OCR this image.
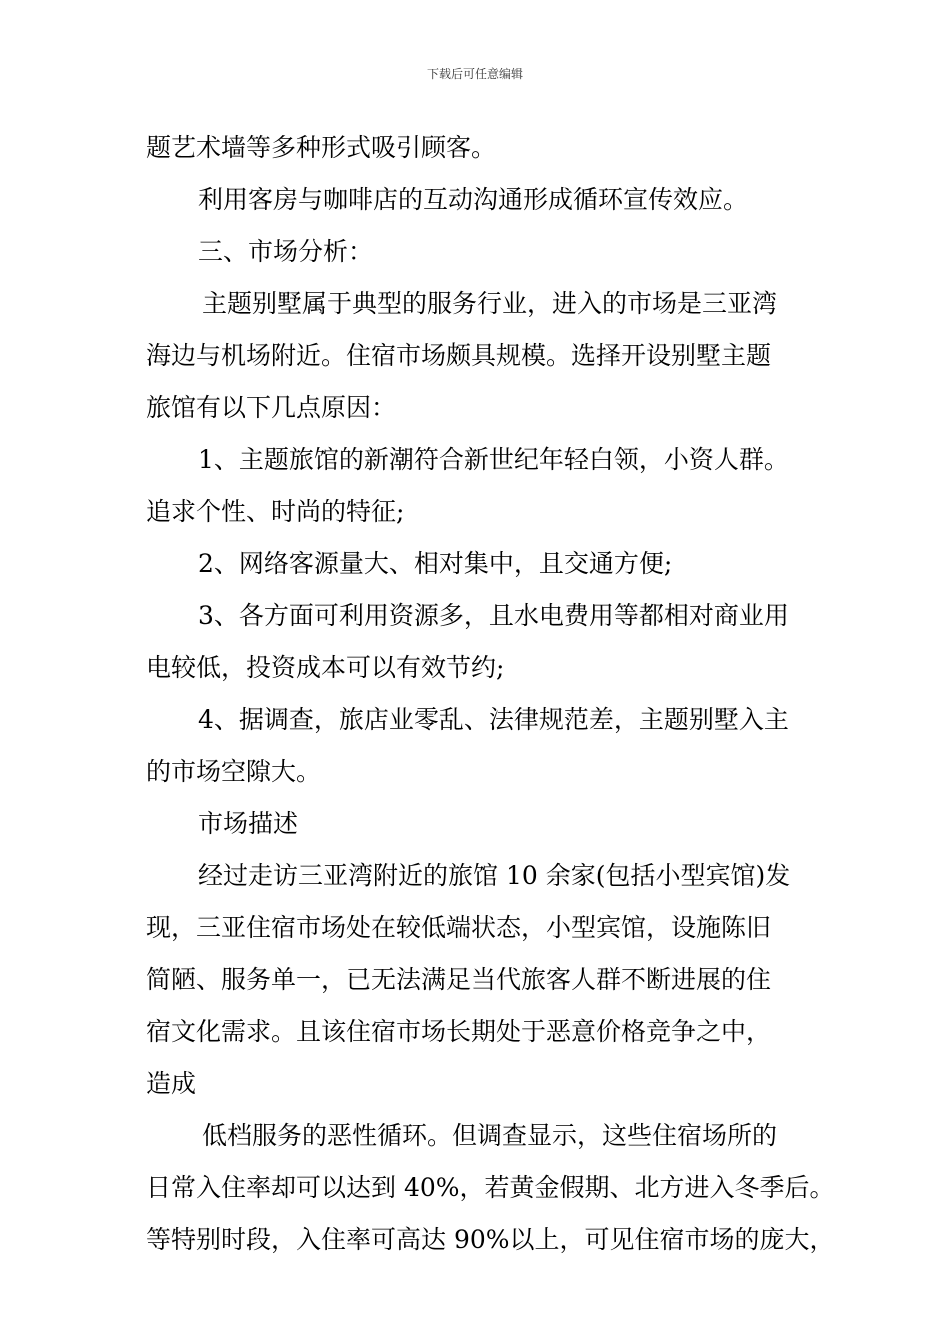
下载后可任意编辑
题艺术墙等多种形式吸引顾客。
利用客房与咖啡店的互动沟通形成循环宣传效应。
三、市场分析：
主题别墅属于典型的服务行业，进入的市场是三亚湾
海边与机场附近。住宿市场颇具规模。选择开设别墅主题
旅馆有以下几点原因：
1、主题旅馆的新潮符合新世纪年轻白领，小资人群。
追求个性、时尚的特征;
2、网络客源量大、相对集中，且交通方便;
3、各方面可利用资源多，且水电费用等都相对商业用
电较低，投资成本可以有效节约;
4、据调查，旅店业零乱、法律规范差，主题别墅入主
的市场空隙大。
市场描述
经过走访三亚湾附近的旅馆 10 余家(包括小型宾馆)发
现，三亚住宿市场处在较低端状态，小型宾馆，设施陈旧
简陋、服务单一，已无法满足当代旅客人群不断进展的住
宿文化需求。且该住宿市场长期处于恶意价格竞争之中，
造成
低档服务的恶性循环。但调查显示，这些住宿场所的
日常入住率却可以达到 40%，若黄金假期、北方进入冬季后。
等特别时段，入住率可高达 90%以上，可见住宿市场的庞大，
